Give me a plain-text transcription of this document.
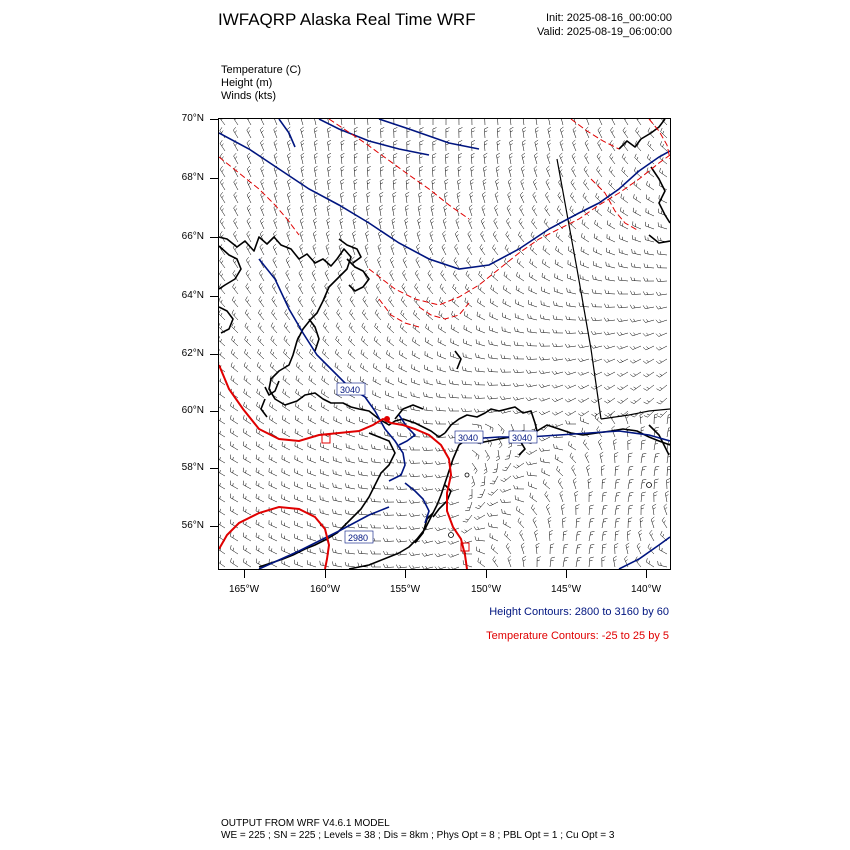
IWFAQRP Alaska Real Time WRF	Init: 2025-08-16_00:00:00
Valid: 2025-08-19_06:00:00
Temperature (C)
Height (m)
Winds (kts)
3040
3040	3040
2980
70°N
68°N
66°N
64°N
62°N
60°N
58°N
56°N
165°W	160°W	155°W	150°W	145°W	140°W
Height Contours: 2800 to 3160 by 60
Temperature Contours: -25 to 25 by 5
OUTPUT FROM WRF V4.6.1 MODEL
WE = 225 ; SN = 225 ; Levels = 38 ; Dis = 8km ; Phys Opt = 8 ; PBL Opt = 1 ; Cu Opt = 3
